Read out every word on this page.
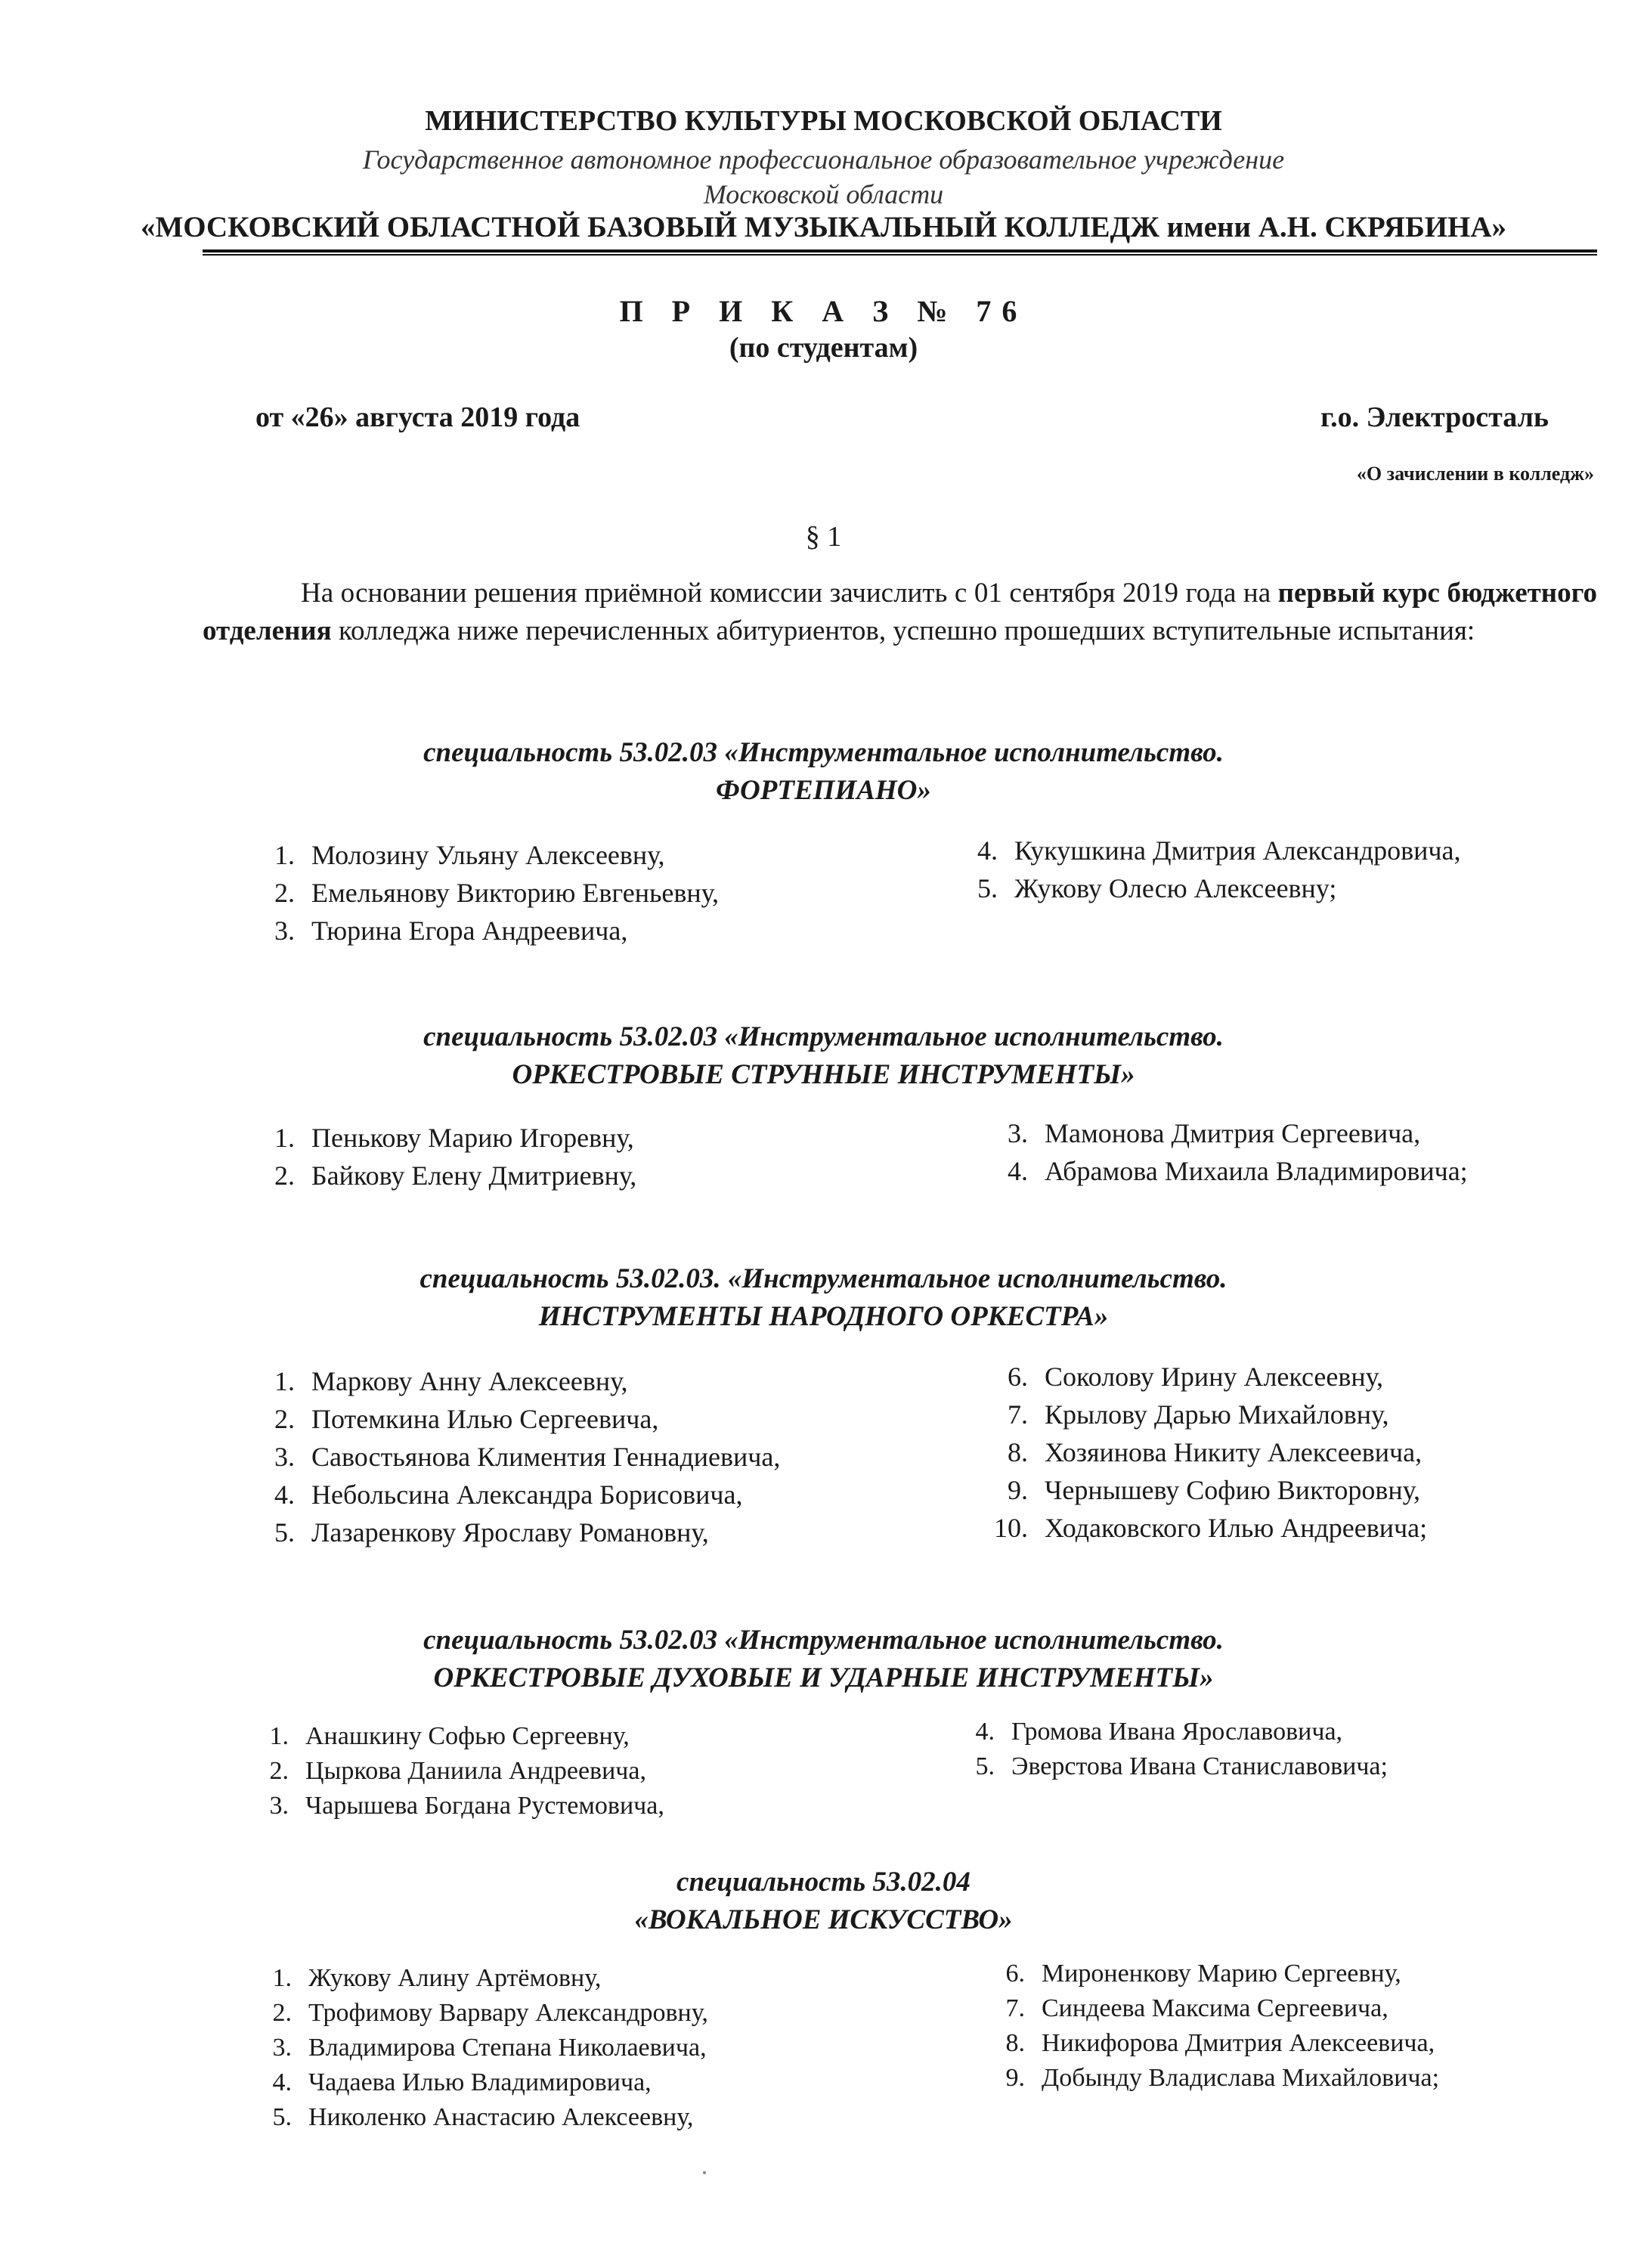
МИНИСТЕРСТВО КУЛЬТУРЫ МОСКОВСКОЙ ОБЛАСТИ
Государственное автономное профессиональное образовательное учреждение
Московской области
«МОСКОВСКИЙ ОБЛАСТНОЙ БАЗОВЫЙ МУЗЫКАЛЬНЫЙ КОЛЛЕДЖ имени А.Н. СКРЯБИНА»
П Р И К А З № 76
(по студентам)
от «26» августа 2019 года	г.о. Электросталь
«О зачислении в колледж»
§ 1
На основании решения приёмной комиссии зачислить с 01 сентября 2019 года на первый курс бюджетного отделения колледжа ниже перечисленных абитуриентов, успешно прошедших вступительные испытания:
специальность 53.02.03 «Инструментальное исполнительство.
ФОРТЕПИАНО»
1. Молозину Ульяну Алексеевну,
2. Емельянову Викторию Евгеньевну,
3. Тюрина Егора Андреевича,
4. Кукушкина Дмитрия Александровича,
5. Жукову Олесю Алексеевну;
специальность 53.02.03 «Инструментальное исполнительство.
ОРКЕСТРОВЫЕ СТРУННЫЕ ИНСТРУМЕНТЫ»
1. Пенькову Марию Игоревну,
2. Байкову Елену Дмитриевну,
3. Мамонова Дмитрия Сергеевича,
4. Абрамова Михаила Владимировича;
специальность 53.02.03. «Инструментальное исполнительство.
ИНСТРУМЕНТЫ НАРОДНОГО ОРКЕСТРА»
1. Маркову Анну Алексеевну,
2. Потемкина Илью Сергеевича,
3. Савостьянова Климентия Геннадиевича,
4. Небольсина Александра Борисовича,
5. Лазаренкову Ярославу Романовну,
6. Соколову Ирину Алексеевну,
7. Крылову Дарью Михайловну,
8. Хозяинова Никиту Алексеевича,
9. Чернышеву Софию Викторовну,
10. Ходаковского Илью Андреевича;
специальность 53.02.03 «Инструментальное исполнительство.
ОРКЕСТРОВЫЕ ДУХОВЫЕ И УДАРНЫЕ ИНСТРУМЕНТЫ»
1. Анашкину Софью Сергеевну,
2. Цыркова Даниила Андреевича,
3. Чарышева Богдана Рустемовича,
4. Громова Ивана Ярославовича,
5. Эверстова Ивана Станиславовича;
специальность 53.02.04
«ВОКАЛЬНОЕ ИСКУССТВО»
1. Жукову Алину Артёмовну,
2. Трофимову Варвару Александровну,
3. Владимирова Степана Николаевича,
4. Чадаева Илью Владимировича,
5. Николенко Анастасию Алексеевну,
6. Мироненкову Марию Сергеевну,
7. Синдеева Максима Сергеевича,
8. Никифорова Дмитрия Алексеевича,
9. Добынду Владислава Михайловича;
